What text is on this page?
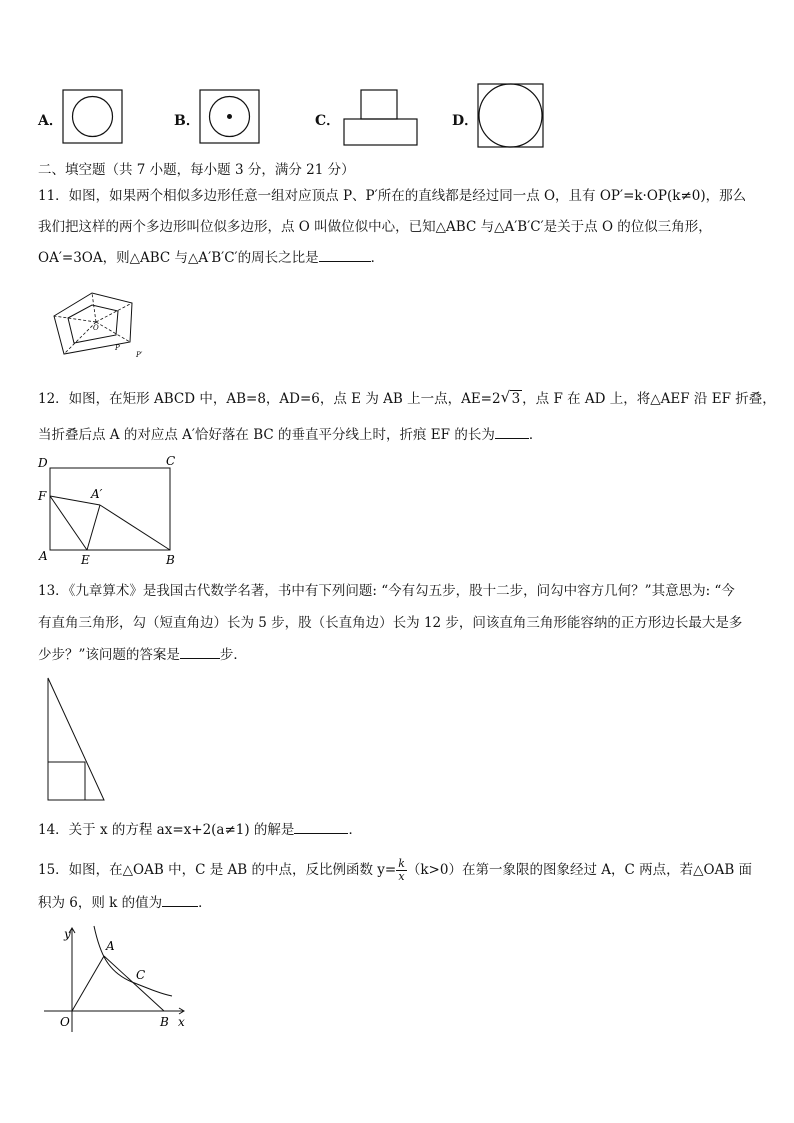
A．	B．	C．	D．
二、填空题（共 7 小题，每小题 3 分，满分 21 分）
11．如图，如果两个相似多边形任意一组对应顶点 P、P′所在的直线都是经过同一点 O，且有 OP′=k·OP(k≠0)，那么
我们把这样的两个多边形叫位似多边形，点 O 叫做位似中心，已知△ABC 与△A′B′C′是关于点 O 的位似三角形，
OA′=3OA，则△ABC 与△A′B′C′的周长之比是	．
O
P
P′
12．如图，在矩形 ABCD 中，AB=8，AD=6，点 E 为 AB 上一点，AE=2√ 3 ，点 F 在 AD 上，将△AEF 沿 EF 折叠，
当折叠后点 A 的对应点 A′恰好落在 BC 的垂直平分线上时，折痕 EF 的长为	．
D	C
F	A′
A	E	B
13．《九章算术》是我国古代数学名著，书中有下列问题: “今有勾五步，股十二步，问勾中容方几何？”其意思为: “今
有直角三角形，勾（短直角边）长为 5 步，股（长直角边）长为 12 步，问该直角三角形能容纳的正方形边长最大是多
少步？”该问题的答案是	步．
14．关于 x 的方程 ax=x+2(a≠1) 的解是	．
15．如图，在△OAB 中，C 是 AB 的中点，反比例函数 $y= \frac{k}{x} (k>0)$在第一象限的图象经过 A，C 两点，若△OAB 面
积为 6，则 k 的值为	．
y
x
O
A
B
C
